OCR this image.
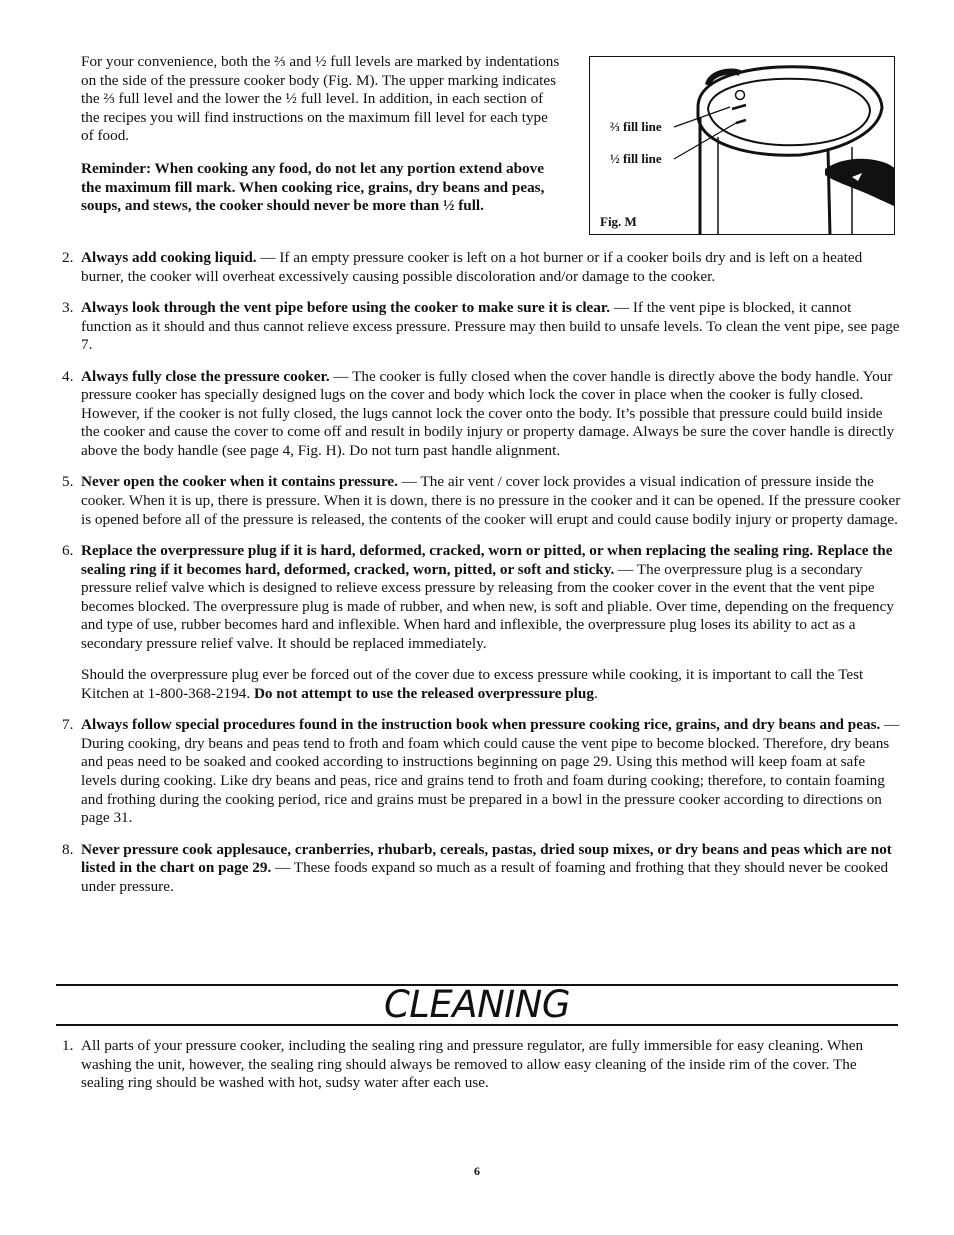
For your convenience, both the ⅔ and ½ full levels are marked by indentations on the side of the pressure cooker body (Fig. M). The upper marking indicates the ⅔ full level and the lower the ½ full level. In addition, in each section of the recipes you will find instructions on the maximum fill level for each type of food.

Reminder: When cooking any food, do not let any portion extend above the maximum fill mark. When cooking rice, grains, dry beans and peas, soups, and stews, the cooker should never be more than ½ full.

⅔ fill line
½ fill line
Fig. M
2. Always add cooking liquid. — If an empty pressure cooker is left on a hot burner or if a cooker boils dry and is left on a heated burner, the cooker will overheat excessively causing possible discoloration and/or damage to the cooker.

3. Always look through the vent pipe before using the cooker to make sure it is clear. — If the vent pipe is blocked, it cannot function as it should and thus cannot relieve excess pressure. Pressure may then build to unsafe levels. To clean the vent pipe, see page 7.

4. Always fully close the pressure cooker. — The cooker is fully closed when the cover handle is directly above the body handle. Your pressure cooker has specially designed lugs on the cover and body which lock the cover in place when the cooker is fully closed. However, if the cooker is not fully closed, the lugs cannot lock the cover onto the body. It’s possible that pressure could build inside the cooker and cause the cover to come off and result in bodily injury or property damage. Always be sure the cover handle is directly above the body handle (see page 4, Fig. H). Do not turn past handle alignment.

5. Never open the cooker when it contains pressure. — The air vent / cover lock provides a visual indication of pressure inside the cooker. When it is up, there is pressure. When it is down, there is no pressure in the cooker and it can be opened. If the pressure cooker is opened before all of the pressure is released, the contents of the cooker will erupt and could cause bodily injury or property damage.

6. Replace the overpressure plug if it is hard, deformed, cracked, worn or pitted, or when replacing the sealing ring. Replace the sealing ring if it becomes hard, deformed, cracked, worn, pitted, or soft and sticky. — The overpressure plug is a secondary pressure relief valve which is designed to relieve excess pressure by releasing from the cooker cover in the event that the vent pipe becomes blocked. The overpressure plug is made of rubber, and when new, is soft and pliable. Over time, depending on the frequency and type of use, rubber becomes hard and inflexible. When hard and inflexible, the overpressure plug loses its ability to act as a secondary pressure relief valve. It should be replaced immediately.

Should the overpressure plug ever be forced out of the cover due to excess pressure while cooking, it is important to call the Test Kitchen at 1-800-368-2194. Do not attempt to use the released overpressure plug.

7. Always follow special procedures found in the instruction book when pressure cooking rice, grains, and dry beans and peas. — During cooking, dry beans and peas tend to froth and foam which could cause the vent pipe to become blocked. Therefore, dry beans and peas need to be soaked and cooked according to instructions beginning on page 29. Using this method will keep foam at safe levels during cooking. Like dry beans and peas, rice and grains tend to froth and foam during cooking; therefore, to contain foaming and frothing during the cooking period, rice and grains must be prepared in a bowl in the pressure cooker according to directions on page 31.

8. Never pressure cook applesauce, cranberries, rhubarb, cereals, pastas, dried soup mixes, or dry beans and peas which are not listed in the chart on page 29. — These foods expand so much as a result of foaming and frothing that they should never be cooked under pressure.

CLEANING
1. All parts of your pressure cooker, including the sealing ring and pressure regulator, are fully immersible for easy cleaning. When washing the unit, however, the sealing ring should always be removed to allow easy cleaning of the inside rim of the cover. The sealing ring should be washed with hot, sudsy water after each use.

6
